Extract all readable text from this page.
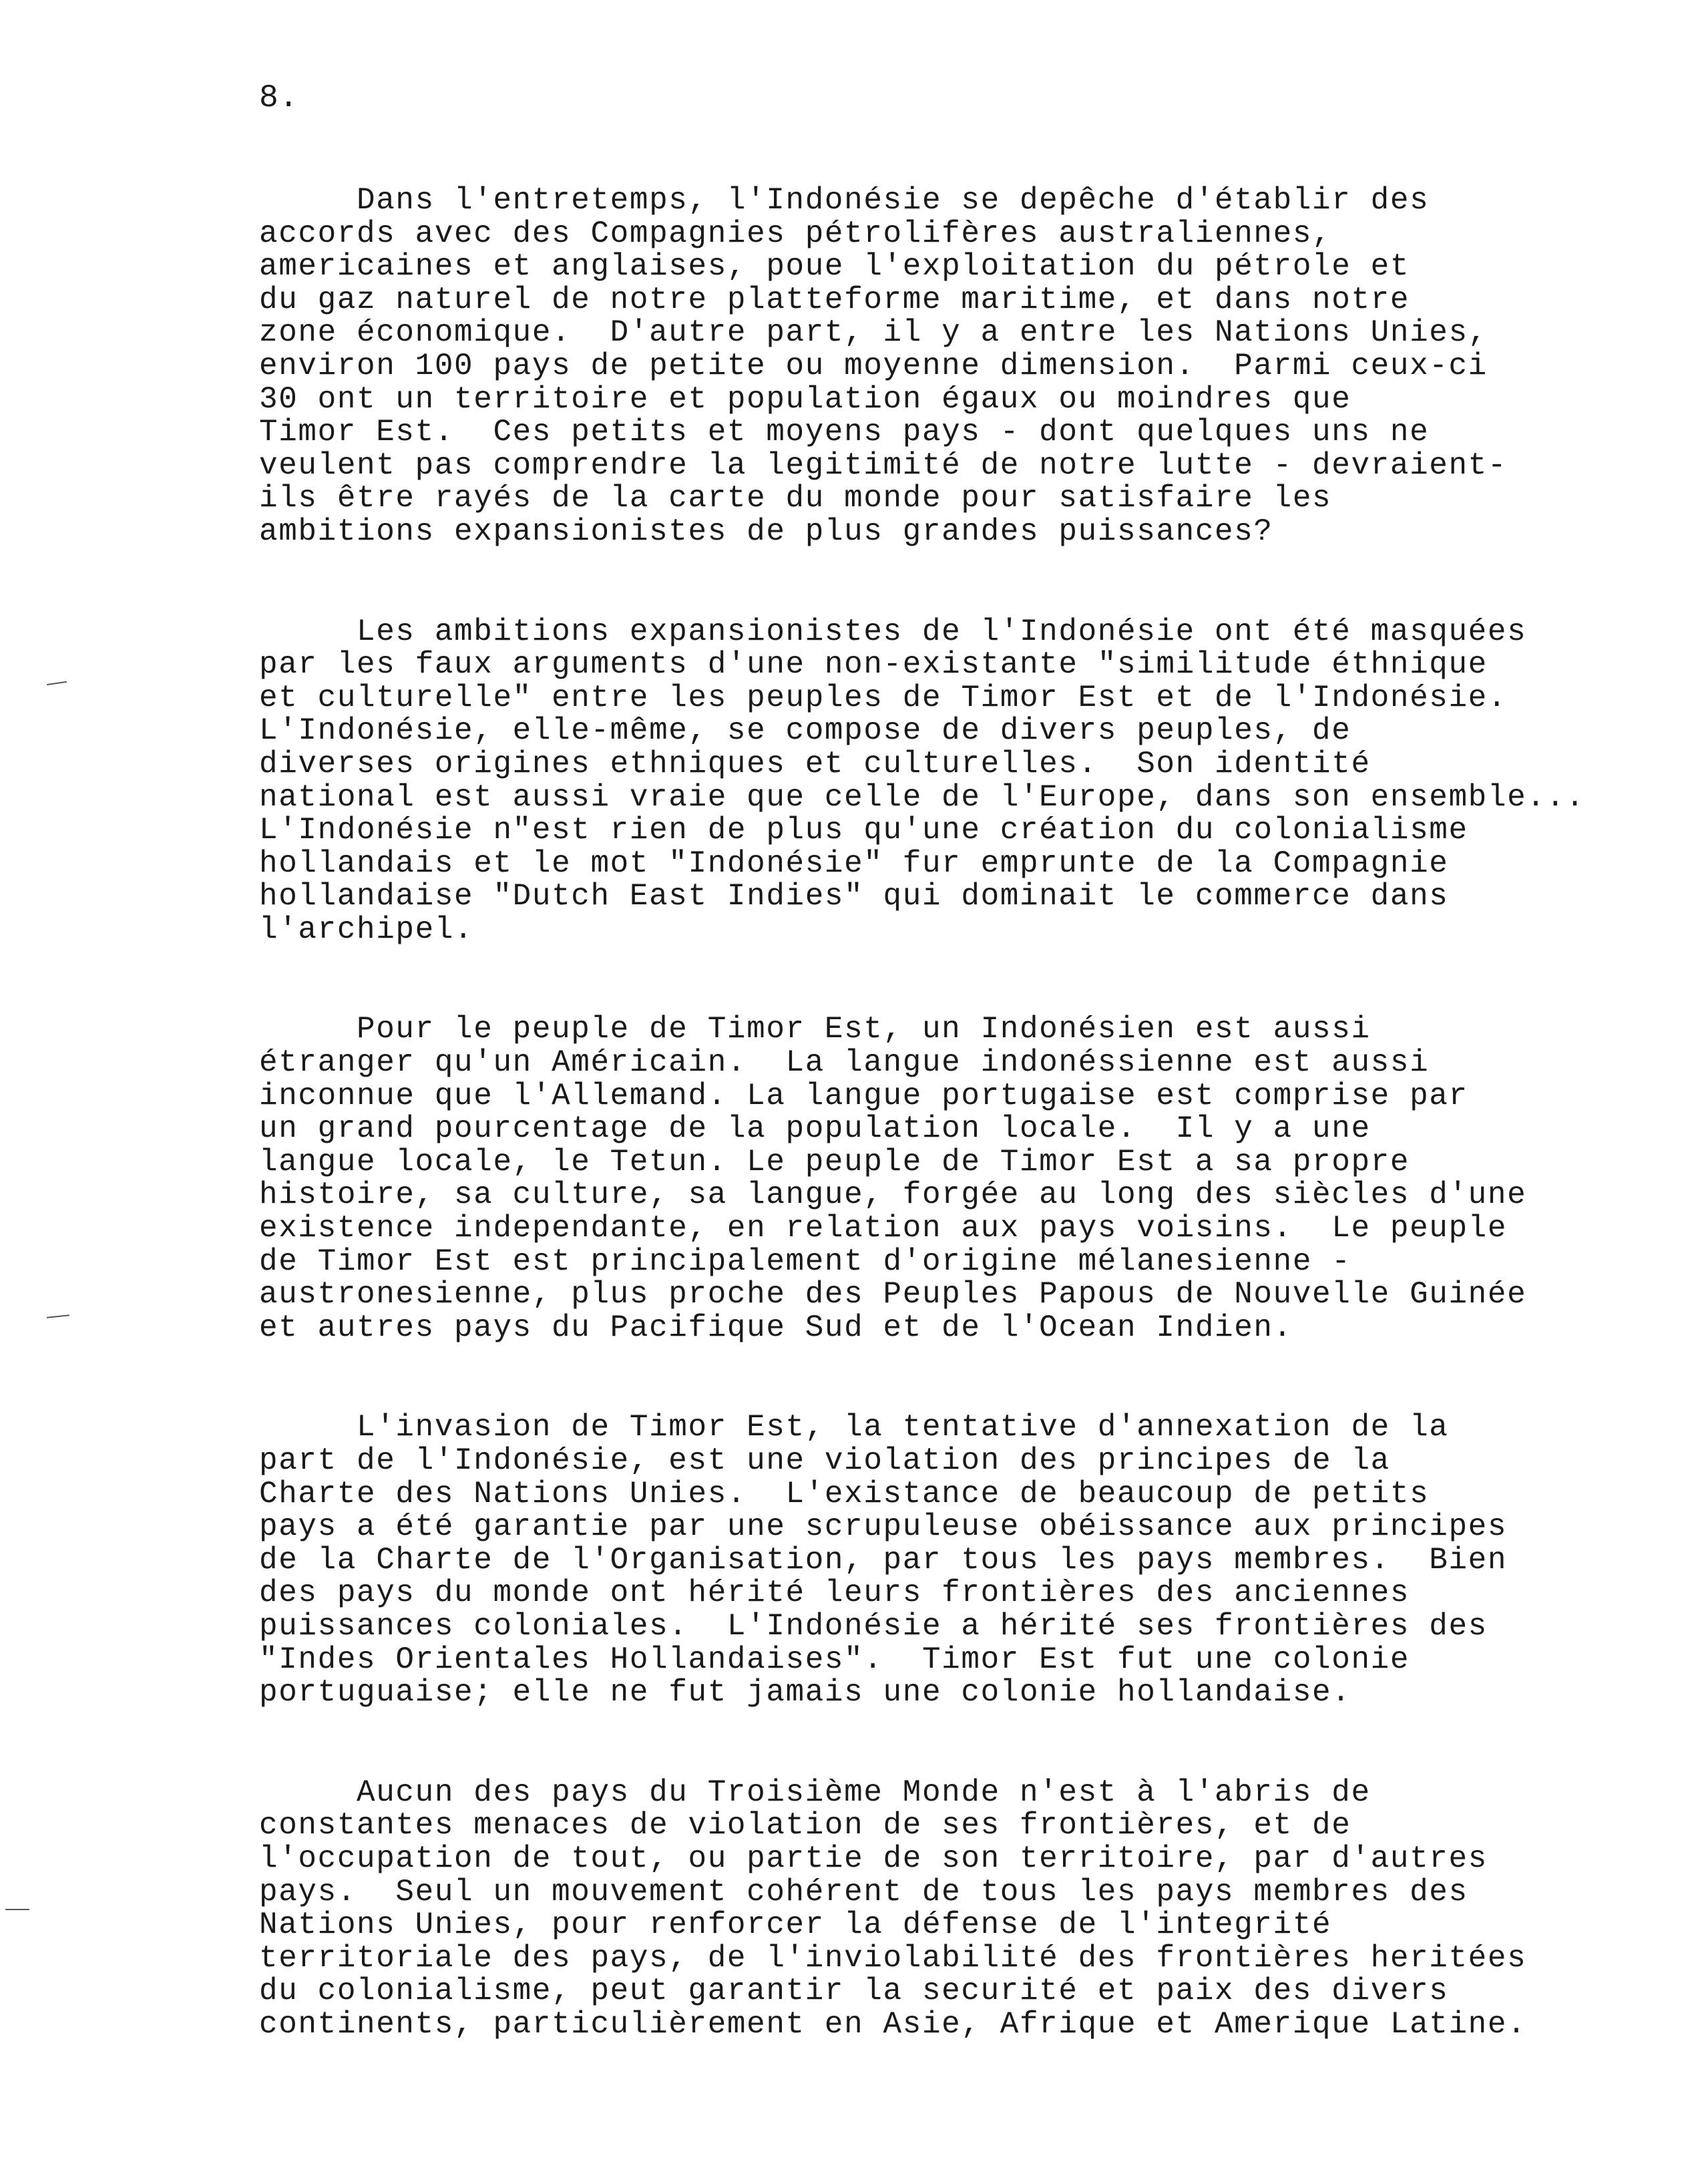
8.
Dans l'entretemps, l'Indonésie se depêche d'établir des
accords avec des Compagnies pétrolifères australiennes,
americaines et anglaises, poue l'exploitation du pétrole et
du gaz naturel de notre platteforme maritime, et dans notre
zone économique.  D'autre part, il y a entre les Nations Unies,
environ 100 pays de petite ou moyenne dimension.  Parmi ceux-ci
30 ont un territoire et population égaux ou moindres que
Timor Est.  Ces petits et moyens pays - dont quelques uns ne
veulent pas comprendre la legitimité de notre lutte - devraient-
ils être rayés de la carte du monde pour satisfaire les
ambitions expansionistes de plus grandes puissances?
Les ambitions expansionistes de l'Indonésie ont été masquées
par les faux arguments d'une non-existante "similitude éthnique
et culturelle" entre les peuples de Timor Est et de l'Indonésie.
L'Indonésie, elle-même, se compose de divers peuples, de
diverses origines ethniques et culturelles.  Son identité
national est aussi vraie que celle de l'Europe, dans son ensemble...
L'Indonésie n"est rien de plus qu'une création du colonialisme
hollandais et le mot "Indonésie" fur emprunte de la Compagnie
hollandaise "Dutch East Indies" qui dominait le commerce dans
l'archipel.
Pour le peuple de Timor Est, un Indonésien est aussi
étranger qu'un Américain.  La langue indonéssienne est aussi
inconnue que l'Allemand. La langue portugaise est comprise par
un grand pourcentage de la population locale.  Il y a une
langue locale, le Tetun. Le peuple de Timor Est a sa propre
histoire, sa culture, sa langue, forgée au long des siècles d'une
existence independante, en relation aux pays voisins.  Le peuple
de Timor Est est principalement d'origine mélanesienne -
austronesienne, plus proche des Peuples Papous de Nouvelle Guinée
et autres pays du Pacifique Sud et de l'Ocean Indien.
L'invasion de Timor Est, la tentative d'annexation de la
part de l'Indonésie, est une violation des principes de la
Charte des Nations Unies.  L'existance de beaucoup de petits
pays a été garantie par une scrupuleuse obéissance aux principes
de la Charte de l'Organisation, par tous les pays membres.  Bien
des pays du monde ont hérité leurs frontières des anciennes
puissances coloniales.  L'Indonésie a hérité ses frontières des
"Indes Orientales Hollandaises".  Timor Est fut une colonie
portuguaise; elle ne fut jamais une colonie hollandaise.
Aucun des pays du Troisième Monde n'est à l'abris de
constantes menaces de violation de ses frontières, et de
l'occupation de tout, ou partie de son territoire, par d'autres
pays.  Seul un mouvement cohérent de tous les pays membres des
Nations Unies, pour renforcer la défense de l'integrité
territoriale des pays, de l'inviolabilité des frontières heritées
du colonialisme, peut garantir la securité et paix des divers
continents, particulièrement en Asie, Afrique et Amerique Latine.
